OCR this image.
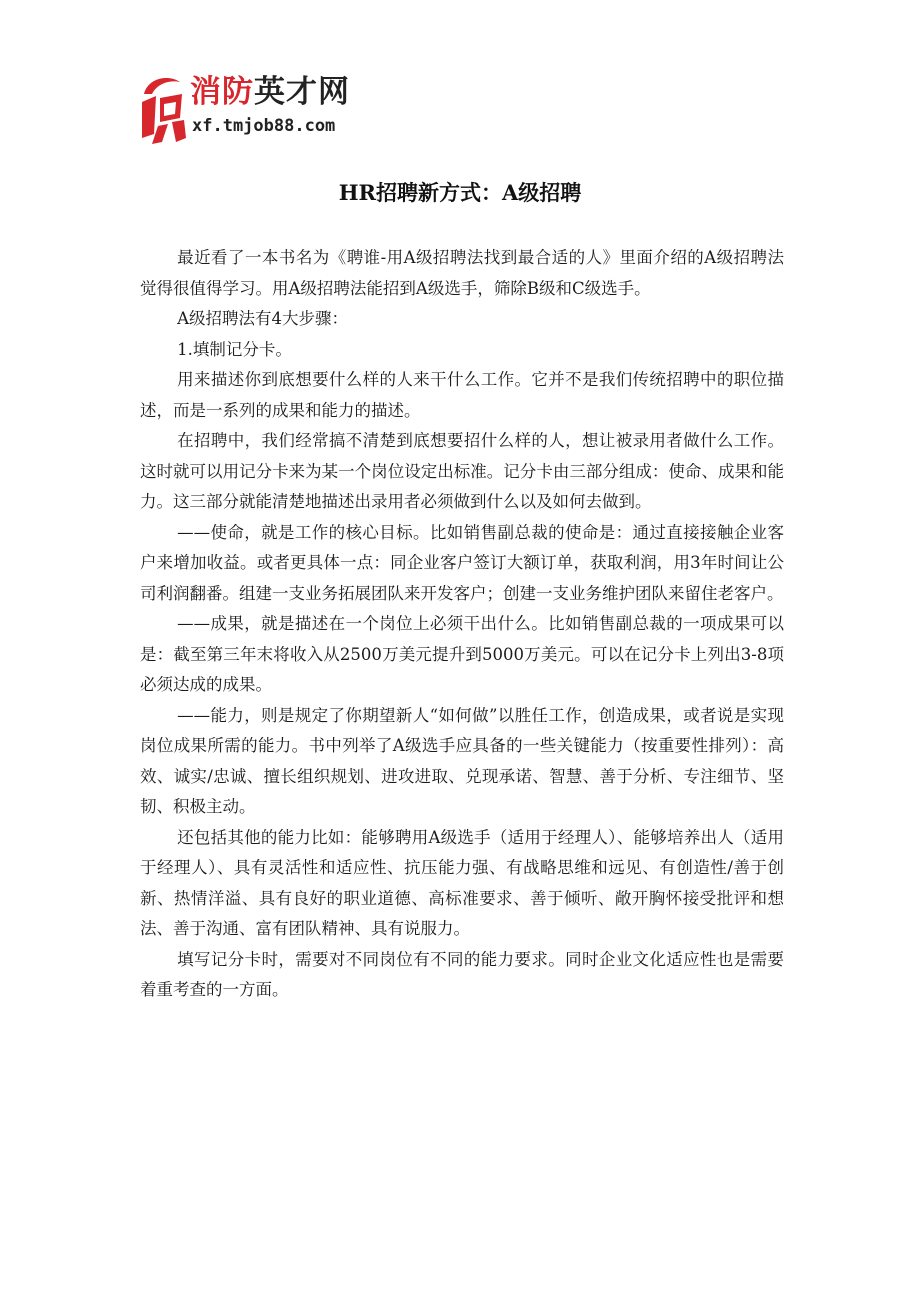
消防英才网
xf.tmjob88.com
HR招聘新方式：A级招聘

最近看了一本书名为《聘谁-用A级招聘法找到最合适的人》里面介绍的A级招聘法觉得很值得学习。用A级招聘法能招到A级选手，筛除B级和C级选手。

A级招聘法有4大步骤：

1.填制记分卡。

用来描述你到底想要什么样的人来干什么工作。它并不是我们传统招聘中的职位描述，而是一系列的成果和能力的描述。

在招聘中，我们经常搞不清楚到底想要招什么样的人，想让被录用者做什么工作。这时就可以用记分卡来为某一个岗位设定出标准。记分卡由三部分组成：使命、成果和能力。这三部分就能清楚地描述出录用者必须做到什么以及如何去做到。

——使命，就是工作的核心目标。比如销售副总裁的使命是：通过直接接触企业客户来增加收益。或者更具体一点：同企业客户签订大额订单，获取利润，用3年时间让公司利润翻番。组建一支业务拓展团队来开发客户；创建一支业务维护团队来留住老客户。

——成果，就是描述在一个岗位上必须干出什么。比如销售副总裁的一项成果可以是：截至第三年末将收入从2500万美元提升到5000万美元。可以在记分卡上列出3-8项必须达成的成果。

——能力，则是规定了你期望新人“如何做”以胜任工作，创造成果，或者说是实现岗位成果所需的能力。书中列举了A级选手应具备的一些关键能力（按重要性排列）：高效、诚实/忠诚、擅长组织规划、进攻进取、兑现承诺、智慧、善于分析、专注细节、坚韧、积极主动。

还包括其他的能力比如：能够聘用A级选手（适用于经理人）、能够培养出人（适用于经理人）、具有灵活性和适应性、抗压能力强、有战略思维和远见、有创造性/善于创新、热情洋溢、具有良好的职业道德、高标准要求、善于倾听、敞开胸怀接受批评和想法、善于沟通、富有团队精神、具有说服力。

填写记分卡时，需要对不同岗位有不同的能力要求。同时企业文化适应性也是需要着重考查的一方面。
